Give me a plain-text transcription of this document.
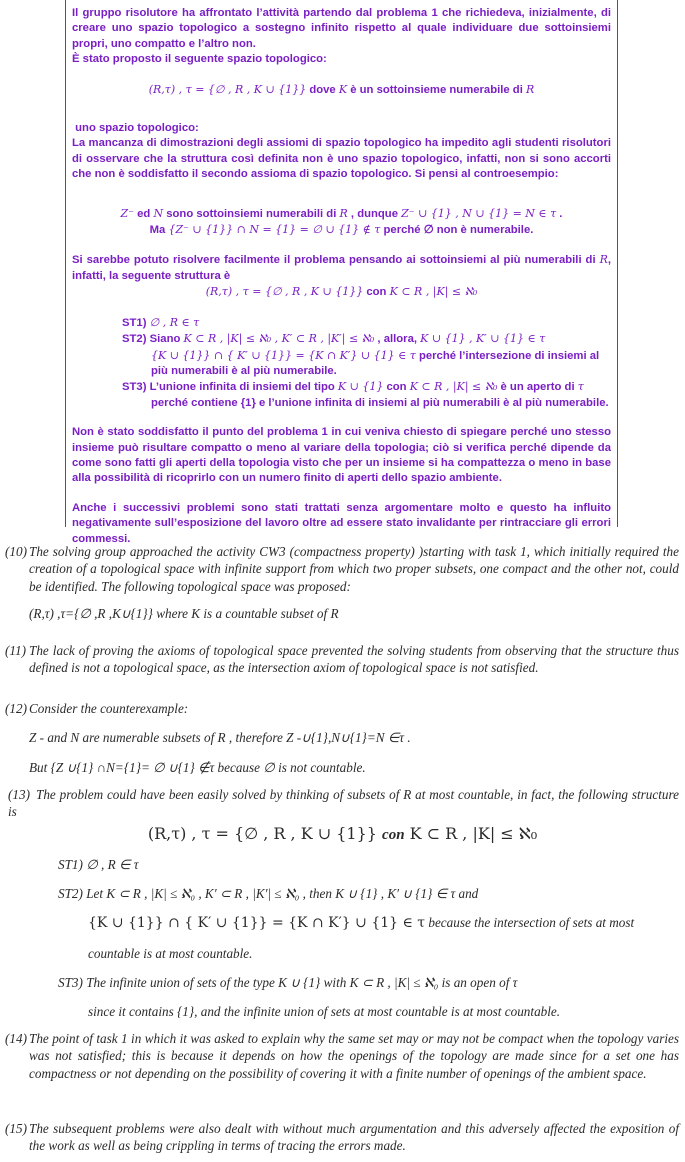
Il gruppo risolutore ha affrontato l’attività partendo dal problema 1 che richiedeva, inizialmente, di creare uno spazio topologico a sostegno infinito rispetto al quale individuare due sottoinsiemi propri, uno compatto e l’altro non.

È stato proposto il seguente spazio topologico:

(R,τ) , τ = {∅ , R , K ∪ {1}} dove K è un sottoinsieme numerabile di R

uno spazio topologico:

La mancanza di dimostrazioni degli assiomi di spazio topologico ha impedito agli studenti risolutori di osservare che la struttura così definita non è uno spazio topologico, infatti, non si sono accorti che non è soddisfatto il secondo assioma di spazio topologico. Si pensi al controesempio:

Z⁻ ed N sono sottoinsiemi numerabili di R , dunque Z⁻ ∪ {1} , N ∪ {1} = N ∈ τ .

Ma {Z⁻ ∪ {1}} ∩ N = {1} = ∅ ∪ {1} ∉ τ perché ∅ non è numerabile.

Si sarebbe potuto risolvere facilmente il problema pensando ai sottoinsiemi al più numerabili di R, infatti, la seguente struttura è

(R,τ) , τ = {∅ , R , K ∪ {1}} con K ⊂ R , |K| ≤ ℵ₀

ST1) ∅ , R ∈ τ

ST2) Siano K ⊂ R , |K| ≤ ℵ₀ , K′ ⊂ R , |K′| ≤ ℵ₀ , allora, K ∪ {1} , K′ ∪ {1} ∈ τ
{K ∪ {1}} ∩ { K′ ∪ {1}} = {K ∩ K′} ∪ {1} ∈ τ perché l’intersezione di insiemi al più numerabili è al più numerabile.

ST3) L’unione infinita di insiemi del tipo K ∪ {1} con K ⊂ R , |K| ≤ ℵ₀ è un aperto di τ perché contiene {1} e l’unione infinita di insiemi al più numerabili è al più numerabile.

Non è stato soddisfatto il punto del problema 1 in cui veniva chiesto di spiegare perché uno stesso insieme può risultare compatto o meno al variare della topologia; ciò si verifica perché dipende da come sono fatti gli aperti della topologia visto che per un insieme si ha compattezza o meno in base alla possibilità di ricoprirlo con un numero finito di aperti dello spazio ambiente.

Anche i successivi problemi sono stati trattati senza argomentare molto e questo ha influito negativamente sull’esposizione del lavoro oltre ad essere stato invalidante per rintracciare gli errori commessi.

(10) The solving group approached the activity CW3 (compactness property) )starting with task 1, which initially required the creation of a topological space with infinite support from which two proper subsets, one compact and the other not, could be identified. The following topological space was proposed:

(R,τ) ,τ={∅ ,R ,K∪{1}} where K is a countable subset of R

(11) The lack of proving the axioms of topological space prevented the solving students from observing that the structure thus defined is not a topological space, as the intersection axiom of topological space is not satisfied.

(12) Consider the counterexample:

Z - and N are numerable subsets of R , therefore Z -∪{1},N∪{1}=N ∈τ .

But {Z ∪{1} ∩N={1}= ∅ ∪{1} ∉τ because ∅ is not countable.

(13) The problem could have been easily solved by thinking of subsets of R at most countable, in fact, the following structure is

(R,τ) , τ = {∅ , R , K ∪ {1}} con K ⊂ R , |K| ≤ ℵ₀

ST1) ∅ , R ∈ τ

ST2) Let K ⊂ R , |K| ≤ ℵ₀ , K′ ⊂ R , |K′| ≤ ℵ₀ , then K ∪ {1} , K′ ∪ {1} ∈ τ and

{K ∪ {1}} ∩ { K′ ∪ {1}} = {K ∩ K′} ∪ {1} ∈ τ because the intersection of sets at most

countable is at most countable.

ST3) The infinite union of sets of the type K ∪ {1} with K ⊂ R , |K| ≤ ℵ₀ is an open of τ

since it contains {1}, and the infinite union of sets at most countable is at most countable.

(14) The point of task 1 in which it was asked to explain why the same set may or may not be compact when the topology varies was not satisfied; this is because it depends on how the openings of the topology are made since for a set one has compactness or not depending on the possibility of covering it with a finite number of openings of the ambient space.

(15) The subsequent problems were also dealt with without much argumentation and this adversely affected the exposition of the work as well as being crippling in terms of tracing the errors made.
